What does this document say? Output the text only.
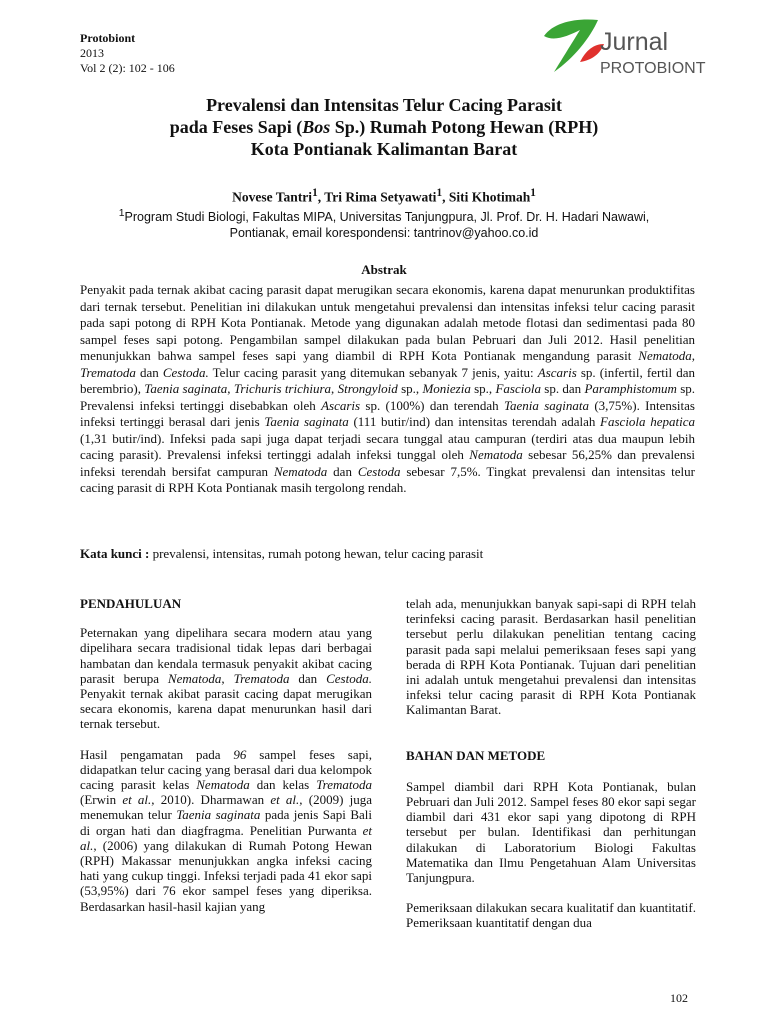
Protobiont
2013
Vol 2 (2): 102 - 106
Jurnal
PROTOBIONT
Prevalensi dan Intensitas Telur Cacing Parasit
pada Feses Sapi (Bos Sp.) Rumah Potong Hewan (RPH)
Kota Pontianak Kalimantan Barat
Novese Tantri$^1$, Tri Rima Setyawati$^1$, Siti Khotimah$^1$
$^1$Program Studi Biologi, Fakultas MIPA, Universitas Tanjungpura, Jl. Prof. Dr. H. Hadari Nawawi,
Pontianak, email korespondensi: tantrinov@yahoo.co.id
Abstrak
Penyakit pada ternak akibat cacing parasit dapat merugikan secara ekonomis, karena dapat menurunkan produktifitas dari ternak tersebut. Penelitian ini dilakukan untuk mengetahui prevalensi dan intensitas infeksi telur cacing parasit pada sapi potong di RPH Kota Pontianak. Metode yang digunakan adalah metode flotasi dan sedimentasi pada 80 sampel feses sapi potong. Pengambilan sampel dilakukan pada bulan Pebruari dan Juli 2012. Hasil penelitian menunjukkan bahwa sampel feses sapi yang diambil di RPH Kota Pontianak mengandung parasit Nematoda, Trematoda dan Cestoda. Telur cacing parasit yang ditemukan sebanyak 7 jenis, yaitu: Ascaris sp. (infertil, fertil dan berembrio), Taenia saginata, Trichuris trichiura, Strongyloid sp., Moniezia sp., Fasciola sp. dan Paramphistomum sp. Prevalensi infeksi tertinggi disebabkan oleh Ascaris sp. (100%) dan terendah Taenia saginata (3,75%). Intensitas infeksi tertinggi berasal dari jenis Taenia saginata (111 butir/ind) dan intensitas terendah adalah Fasciola hepatica (1,31 butir/ind). Infeksi pada sapi juga dapat terjadi secara tunggal atau campuran (terdiri atas dua maupun lebih cacing parasit). Prevalensi infeksi tertinggi adalah infeksi tunggal oleh Nematoda sebesar 56,25% dan prevalensi infeksi terendah bersifat campuran Nematoda dan Cestoda sebesar 7,5%. Tingkat prevalensi dan intensitas telur cacing parasit di RPH Kota Pontianak masih tergolong rendah.
Kata kunci : prevalensi, intensitas, rumah potong hewan, telur cacing parasit
PENDAHULUAN
Peternakan yang dipelihara secara modern atau yang dipelihara secara tradisional tidak lepas dari berbagai hambatan dan kendala termasuk penyakit akibat cacing parasit berupa Nematoda, Trematoda dan Cestoda. Penyakit ternak akibat parasit cacing dapat merugikan secara ekonomis, karena dapat menurunkan hasil dari ternak tersebut.
Hasil pengamatan pada 96 sampel feses sapi, didapatkan telur cacing yang berasal dari dua kelompok cacing parasit kelas Nematoda dan kelas Trematoda (Erwin et al., 2010). Dharmawan et al., (2009) juga menemukan telur Taenia saginata pada jenis Sapi Bali di organ hati dan diagfragma. Penelitian Purwanta et al., (2006) yang dilakukan di Rumah Potong Hewan (RPH) Makassar menunjukkan angka infeksi cacing hati yang cukup tinggi. Infeksi terjadi pada 41 ekor sapi (53,95%) dari 76 ekor sampel feses yang diperiksa. Berdasarkan hasil-hasil kajian yang
telah ada, menunjukkan banyak sapi-sapi di RPH telah terinfeksi cacing parasit. Berdasarkan hasil penelitian tersebut perlu dilakukan penelitian tentang cacing parasit pada sapi melalui pemeriksaan feses sapi yang berada di RPH Kota Pontianak. Tujuan dari penelitian ini adalah untuk mengetahui prevalensi dan intensitas infeksi telur cacing parasit di RPH Kota Pontianak Kalimantan Barat.
BAHAN DAN METODE
Sampel diambil dari RPH Kota Pontianak, bulan Pebruari dan Juli 2012. Sampel feses 80 ekor sapi segar diambil dari 431 ekor sapi yang dipotong di RPH tersebut per bulan. Identifikasi dan perhitungan dilakukan di Laboratorium Biologi Fakultas Matematika dan Ilmu Pengetahuan Alam Universitas Tanjungpura.
Pemeriksaan dilakukan secara kualitatif dan kuantitatif. Pemeriksaan kuantitatif dengan dua
102
